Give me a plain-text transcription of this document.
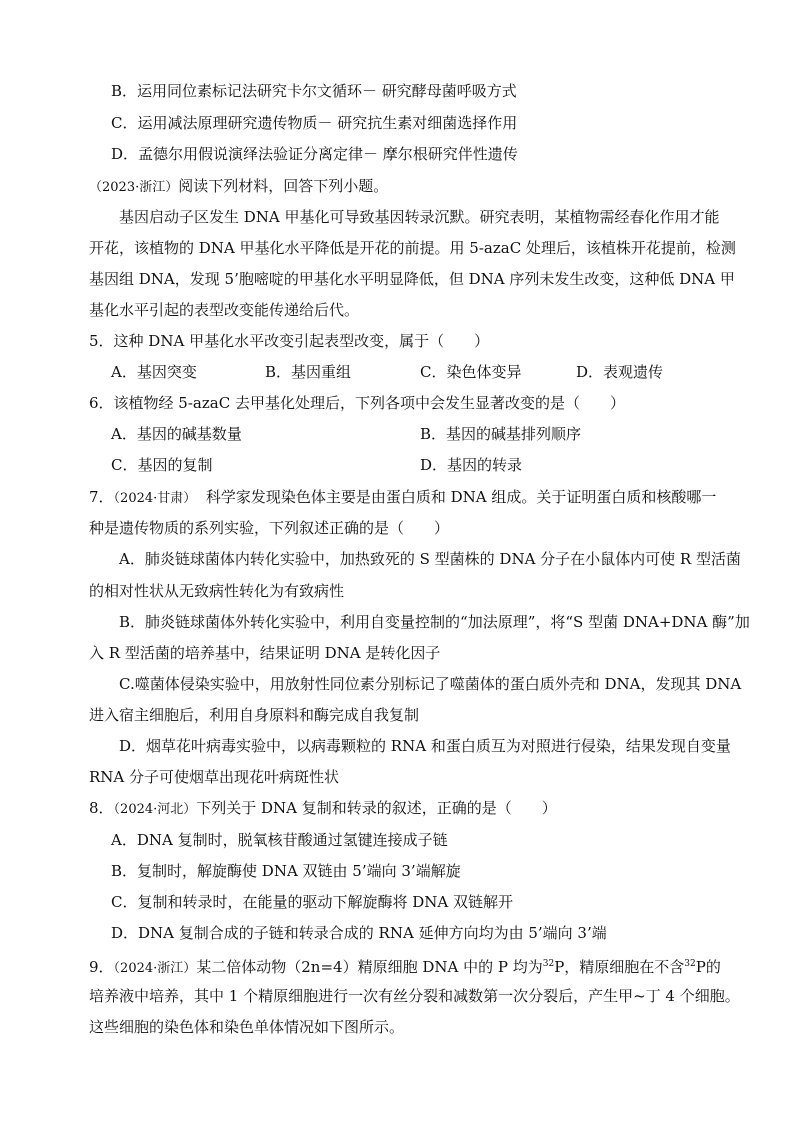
B．运用同位素标记法研究卡尔文循环－ 研究酵母菌呼吸方式
C．运用减法原理研究遗传物质－ 研究抗生素对细菌选择作用
D．孟德尔用假说演绎法验证分离定律－ 摩尔根研究伴性遗传
（2023·浙江）阅读下列材料，回答下列小题。
基因启动子区发生 DNA 甲基化可导致基因转录沉默。研究表明，某植物需经春化作用才能
开花，该植物的 DNA 甲基化水平降低是开花的前提。用 5-azaC 处理后，该植株开花提前，检测
基因组 DNA，发现 5’胞嘧啶的甲基化水平明显降低，但 DNA 序列未发生改变，这种低 DNA 甲
基化水平引起的表型改变能传递给后代。
5．这种 DNA 甲基化水平改变引起表型改变，属于（　　）
A．基因突变	B．基因重组	C．染色体变异	D．表观遗传
6．该植物经 5-azaC 去甲基化处理后，下列各项中会发生显著改变的是（　　）
A．基因的碱基数量	B．基因的碱基排列顺序
C．基因的复制	D．基因的转录
7．（2024·甘肃） 科学家发现染色体主要是由蛋白质和 DNA 组成。关于证明蛋白质和核酸哪一
种是遗传物质的系列实验，下列叙述正确的是（　　）
A．肺炎链球菌体内转化实验中，加热致死的 S 型菌株的 DNA 分子在小鼠体内可使 R 型活菌
的相对性状从无致病性转化为有致病性
B．肺炎链球菌体外转化实验中，利用自变量控制的“加法原理”，将“S 型菌 DNA+DNA 酶”加
入 R 型活菌的培养基中，结果证明 DNA 是转化因子
C.噬菌体侵染实验中，用放射性同位素分别标记了噬菌体的蛋白质外壳和 DNA，发现其 DNA
进入宿主细胞后，利用自身原料和酶完成自我复制
D．烟草花叶病毒实验中，以病毒颗粒的 RNA 和蛋白质互为对照进行侵染，结果发现自变量
RNA 分子可使烟草出现花叶病斑性状
8．（2024·河北）下列关于 DNA 复制和转录的叙述，正确的是（　　）
A．DNA 复制时，脱氧核苷酸通过氢键连接成子链
B．复制时，解旋酶使 DNA 双链由 5’端向 3’端解旋
C．复制和转录时，在能量的驱动下解旋酶将 DNA 双链解开
D．DNA 复制合成的子链和转录合成的 RNA 延伸方向均为由 5’端向 3’端
9．（2024·浙江）某二倍体动物（2n=4）精原细胞 DNA 中的 P 均为$^{32}$P，精原细胞在不含$^{32}$P的
培养液中培养，其中 1 个精原细胞进行一次有丝分裂和减数第一次分裂后，产生甲~丁 4 个细胞。
这些细胞的染色体和染色单体情况如下图所示。
